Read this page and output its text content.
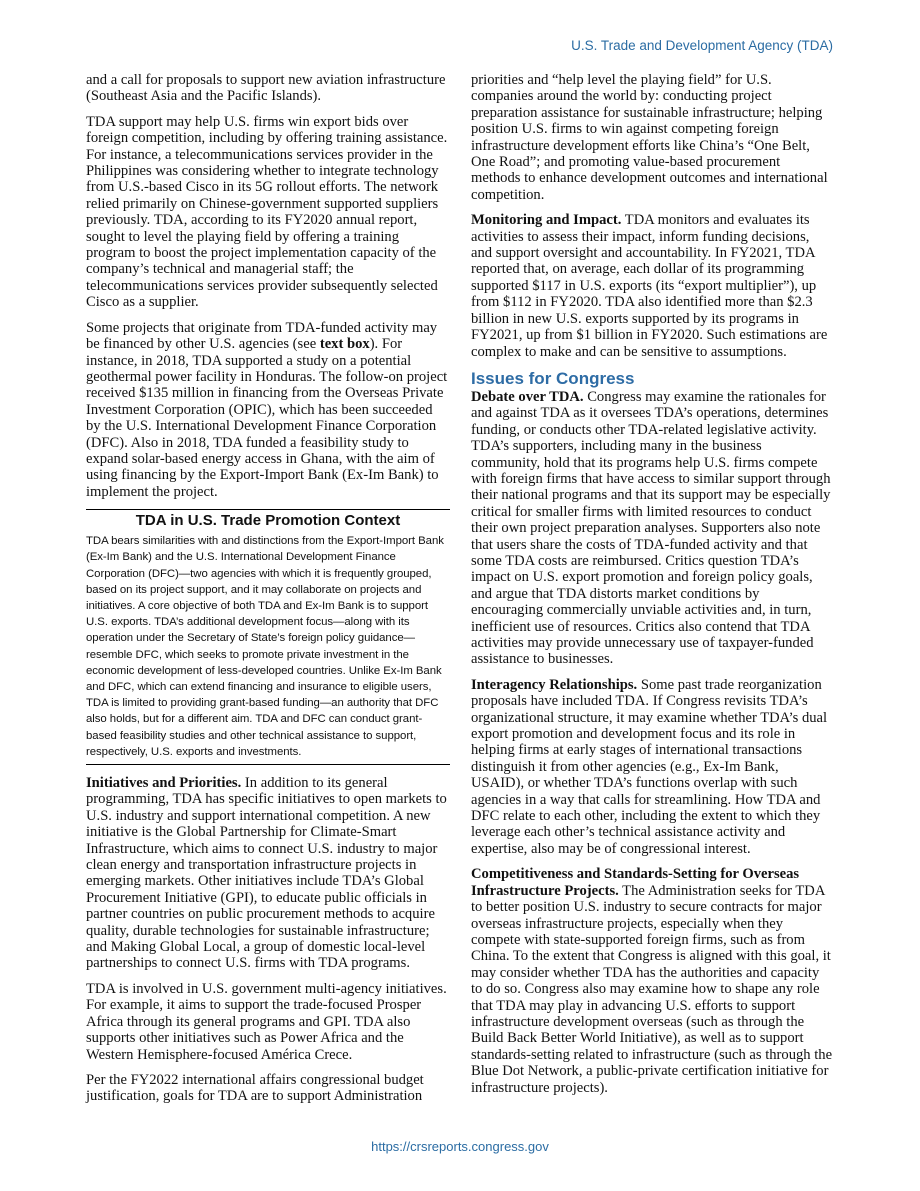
U.S. Trade and Development Agency (TDA)

and a call for proposals to support new aviation infrastructure (Southeast Asia and the Pacific Islands).

TDA support may help U.S. firms win export bids over foreign competition, including by offering training assistance. For instance, a telecommunications services provider in the Philippines was considering whether to integrate technology from U.S.-based Cisco in its 5G rollout efforts. The network relied primarily on Chinese-government supported suppliers previously. TDA, according to its FY2020 annual report, sought to level the playing field by offering a training program to boost the project implementation capacity of the company’s technical and managerial staff; the telecommunications services provider subsequently selected Cisco as a supplier.

Some projects that originate from TDA-funded activity may be financed by other U.S. agencies (see text box). For instance, in 2018, TDA supported a study on a potential geothermal power facility in Honduras. The follow-on project received $135 million in financing from the Overseas Private Investment Corporation (OPIC), which has been succeeded by the U.S. International Development Finance Corporation (DFC). Also in 2018, TDA funded a feasibility study to expand solar-based energy access in Ghana, with the aim of using financing by the Export-Import Bank (Ex-Im Bank) to implement the project.

TDA in U.S. Trade Promotion Context
TDA bears similarities with and distinctions from the Export-Import Bank (Ex-Im Bank) and the U.S. International Development Finance Corporation (DFC)—two agencies with which it is frequently grouped, based on its project support, and it may collaborate on projects and initiatives. A core objective of both TDA and Ex-Im Bank is to support U.S. exports. TDA’s additional development focus—along with its operation under the Secretary of State’s foreign policy guidance—resemble DFC, which seeks to promote private investment in the economic development of less-developed countries. Unlike Ex-Im Bank and DFC, which can extend financing and insurance to eligible users, TDA is limited to providing grant-based funding—an authority that DFC also holds, but for a different aim. TDA and DFC can conduct grant-based feasibility studies and other technical assistance to support, respectively, U.S. exports and investments.

Initiatives and Priorities. In addition to its general programming, TDA has specific initiatives to open markets to U.S. industry and support international competition. A new initiative is the Global Partnership for Climate-Smart Infrastructure, which aims to connect U.S. industry to major clean energy and transportation infrastructure projects in emerging markets. Other initiatives include TDA’s Global Procurement Initiative (GPI), to educate public officials in partner countries on public procurement methods to acquire quality, durable technologies for sustainable infrastructure; and Making Global Local, a group of domestic local-level partnerships to connect U.S. firms with TDA programs.

TDA is involved in U.S. government multi-agency initiatives. For example, it aims to support the trade-focused Prosper Africa through its general programs and GPI. TDA also supports other initiatives such as Power Africa and the Western Hemisphere-focused América Crece.

Per the FY2022 international affairs congressional budget justification, goals for TDA are to support Administration

priorities and “help level the playing field” for U.S. companies around the world by: conducting project preparation assistance for sustainable infrastructure; helping position U.S. firms to win against competing foreign infrastructure development efforts like China’s “One Belt, One Road”; and promoting value-based procurement methods to enhance development outcomes and international competition.

Monitoring and Impact. TDA monitors and evaluates its activities to assess their impact, inform funding decisions, and support oversight and accountability. In FY2021, TDA reported that, on average, each dollar of its programming supported $117 in U.S. exports (its “export multiplier”), up from $112 in FY2020. TDA also identified more than $2.3 billion in new U.S. exports supported by its programs in FY2021, up from $1 billion in FY2020. Such estimations are complex to make and can be sensitive to assumptions.

Issues for Congress

Debate over TDA. Congress may examine the rationales for and against TDA as it oversees TDA’s operations, determines funding, or conducts other TDA-related legislative activity. TDA’s supporters, including many in the business community, hold that its programs help U.S. firms compete with foreign firms that have access to similar support through their national programs and that its support may be especially critical for smaller firms with limited resources to conduct their own project preparation analyses. Supporters also note that users share the costs of TDA-funded activity and that some TDA costs are reimbursed. Critics question TDA’s impact on U.S. export promotion and foreign policy goals, and argue that TDA distorts market conditions by encouraging commercially unviable activities and, in turn, inefficient use of resources. Critics also contend that TDA activities may provide unnecessary use of taxpayer-funded assistance to businesses.

Interagency Relationships. Some past trade reorganization proposals have included TDA. If Congress revisits TDA’s organizational structure, it may examine whether TDA’s dual export promotion and development focus and its role in helping firms at early stages of international transactions distinguish it from other agencies (e.g., Ex-Im Bank, USAID), or whether TDA’s functions overlap with such agencies in a way that calls for streamlining. How TDA and DFC relate to each other, including the extent to which they leverage each other’s technical assistance activity and expertise, also may be of congressional interest.

Competitiveness and Standards-Setting for Overseas Infrastructure Projects. The Administration seeks for TDA to better position U.S. industry to secure contracts for major overseas infrastructure projects, especially when they compete with state-supported foreign firms, such as from China. To the extent that Congress is aligned with this goal, it may consider whether TDA has the authorities and capacity to do so. Congress also may examine how to shape any role that TDA may play in advancing U.S. efforts to support infrastructure development overseas (such as through the Build Back Better World Initiative), as well as to support standards-setting related to infrastructure (such as through the Blue Dot Network, a public-private certification initiative for infrastructure projects).

https://crsreports.congress.gov
